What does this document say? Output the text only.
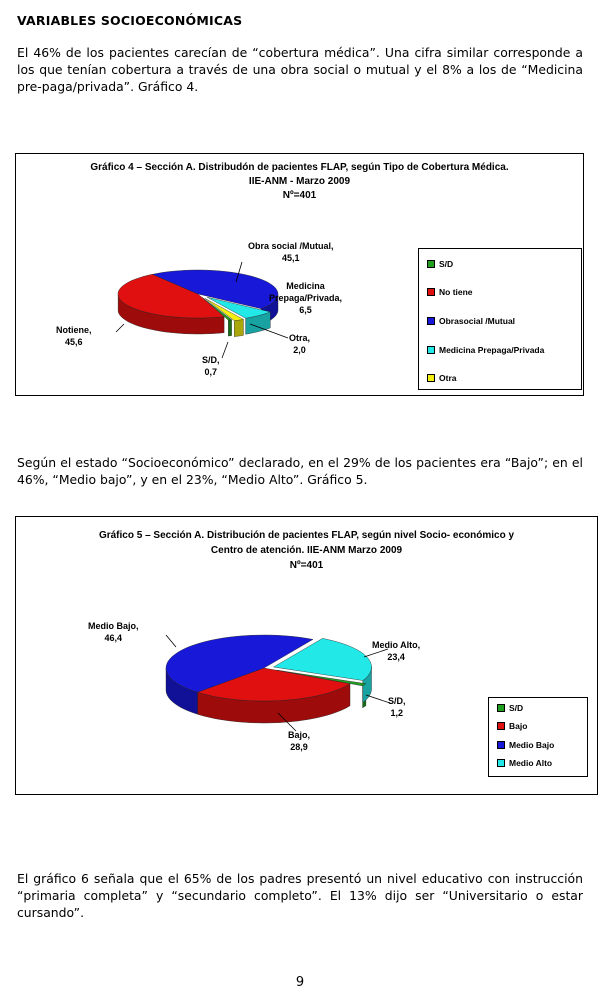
VARIABLES SOCIOECONÓMICAS
El 46% de los pacientes carecían de “cobertura médica”. Una cifra similar corresponde a los que tenían cobertura a través de una obra social o mutual y el 8% a los de “Medicina pre-paga/privada”. Gráfico 4.
Gráfico 4 – Sección A. Distribudón de pacientes FLAP, según Tipo de Cobertura Médica.
IIE-ANM - Marzo 2009
Nº=401
Obra social /Mutual,
45,1
Medicina
Prepaga/Privada,
6,5
Notiene,
45,6	Otra,
2,0
S/D,
0,7
S/D
No tiene
Obrasocial /Mutual
Medicina Prepaga/Privada
Otra
Según el estado “Socioeconómico” declarado, en el 29% de los pacientes era “Bajo”; en el 46%, “Medio bajo”, y en el 23%, “Medio Alto”. Gráfico 5.
Gráfico 5 – Sección A. Distribución de pacientes FLAP, según nivel Socio- económico y
Centro de atención. IIE-ANM Marzo 2009
Nº=401
Medio Bajo,
46,4
Medio Alto,
23,4
S/D,
1,2
Bajo,
28,9
S/D
Bajo
Medio Bajo
Medio Alto
El gráfico 6 señala que el 65% de los padres presentó un nivel educativo con instrucción “primaria completa” y “secundario completo”. El 13% dijo ser “Universitario o estar cursando”.
9
